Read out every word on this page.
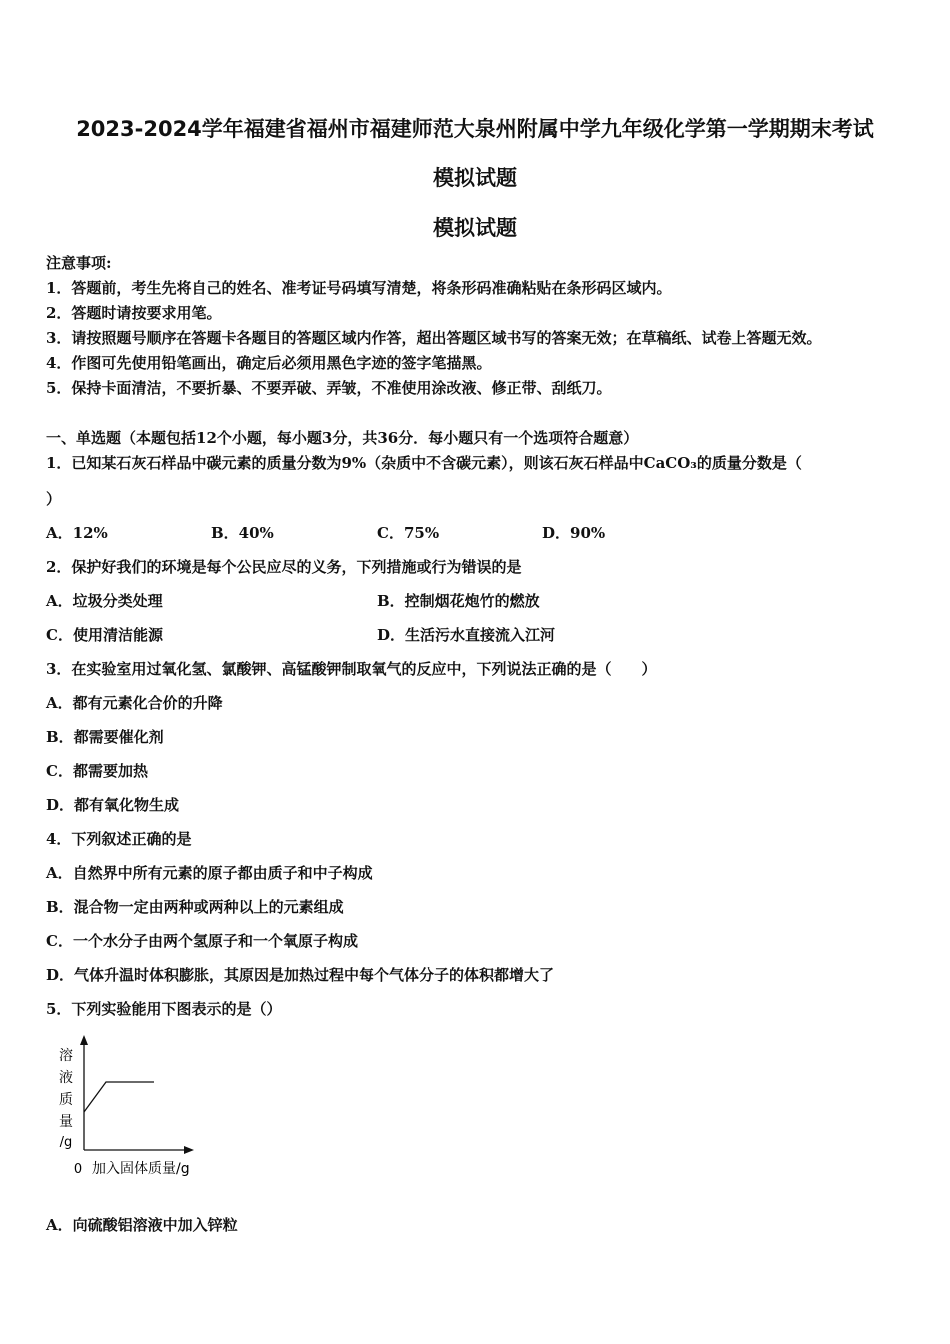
2023-2024学年福建省福州市福建师范大泉州附属中学九年级化学第一学期期末考试
模拟试题
模拟试题
注意事项:
1．答题前，考生先将自己的姓名、准考证号码填写清楚，将条形码准确粘贴在条形码区域内。
2．答题时请按要求用笔。
3．请按照题号顺序在答题卡各题目的答题区域内作答，超出答题区域书写的答案无效；在草稿纸、试卷上答题无效。
4．作图可先使用铅笔画出，确定后必须用黑色字迹的签字笔描黑。
5．保持卡面清洁，不要折暴、不要弄破、弄皱，不准使用涂改液、修正带、刮纸刀。
一、单选题（本题包括12个小题，每小题3分，共36分．每小题只有一个选项符合题意）
1．已知某石灰石样品中碳元素的质量分数为9%（杂质中不含碳元素），则该石灰石样品中CaCO₃的质量分数是（
）
A．12%	B．40%	C．75%	D．90%
2．保护好我们的环境是每个公民应尽的义务，下列措施或行为错误的是
A．垃圾分类处理	B．控制烟花炮竹的燃放
C．使用清洁能源	D．生活污水直接流入江河
3．在实验室用过氧化氢、氯酸钾、高锰酸钾制取氧气的反应中，下列说法正确的是（　　）
A．都有元素化合价的升降
B．都需要催化剂
C．都需要加热
D．都有氧化物生成
4．下列叙述正确的是
A．自然界中所有元素的原子都由质子和中子构成
B．混合物一定由两种或两种以上的元素组成
C．一个水分子由两个氢原子和一个氧原子构成
D．气体升温时体积膨胀，其原因是加热过程中每个气体分子的体积都增大了
5．下列实验能用下图表示的是（）
溶
液
质
量
/g
0 加入固体质量/g
A．向硫酸铝溶液中加入锌粒
